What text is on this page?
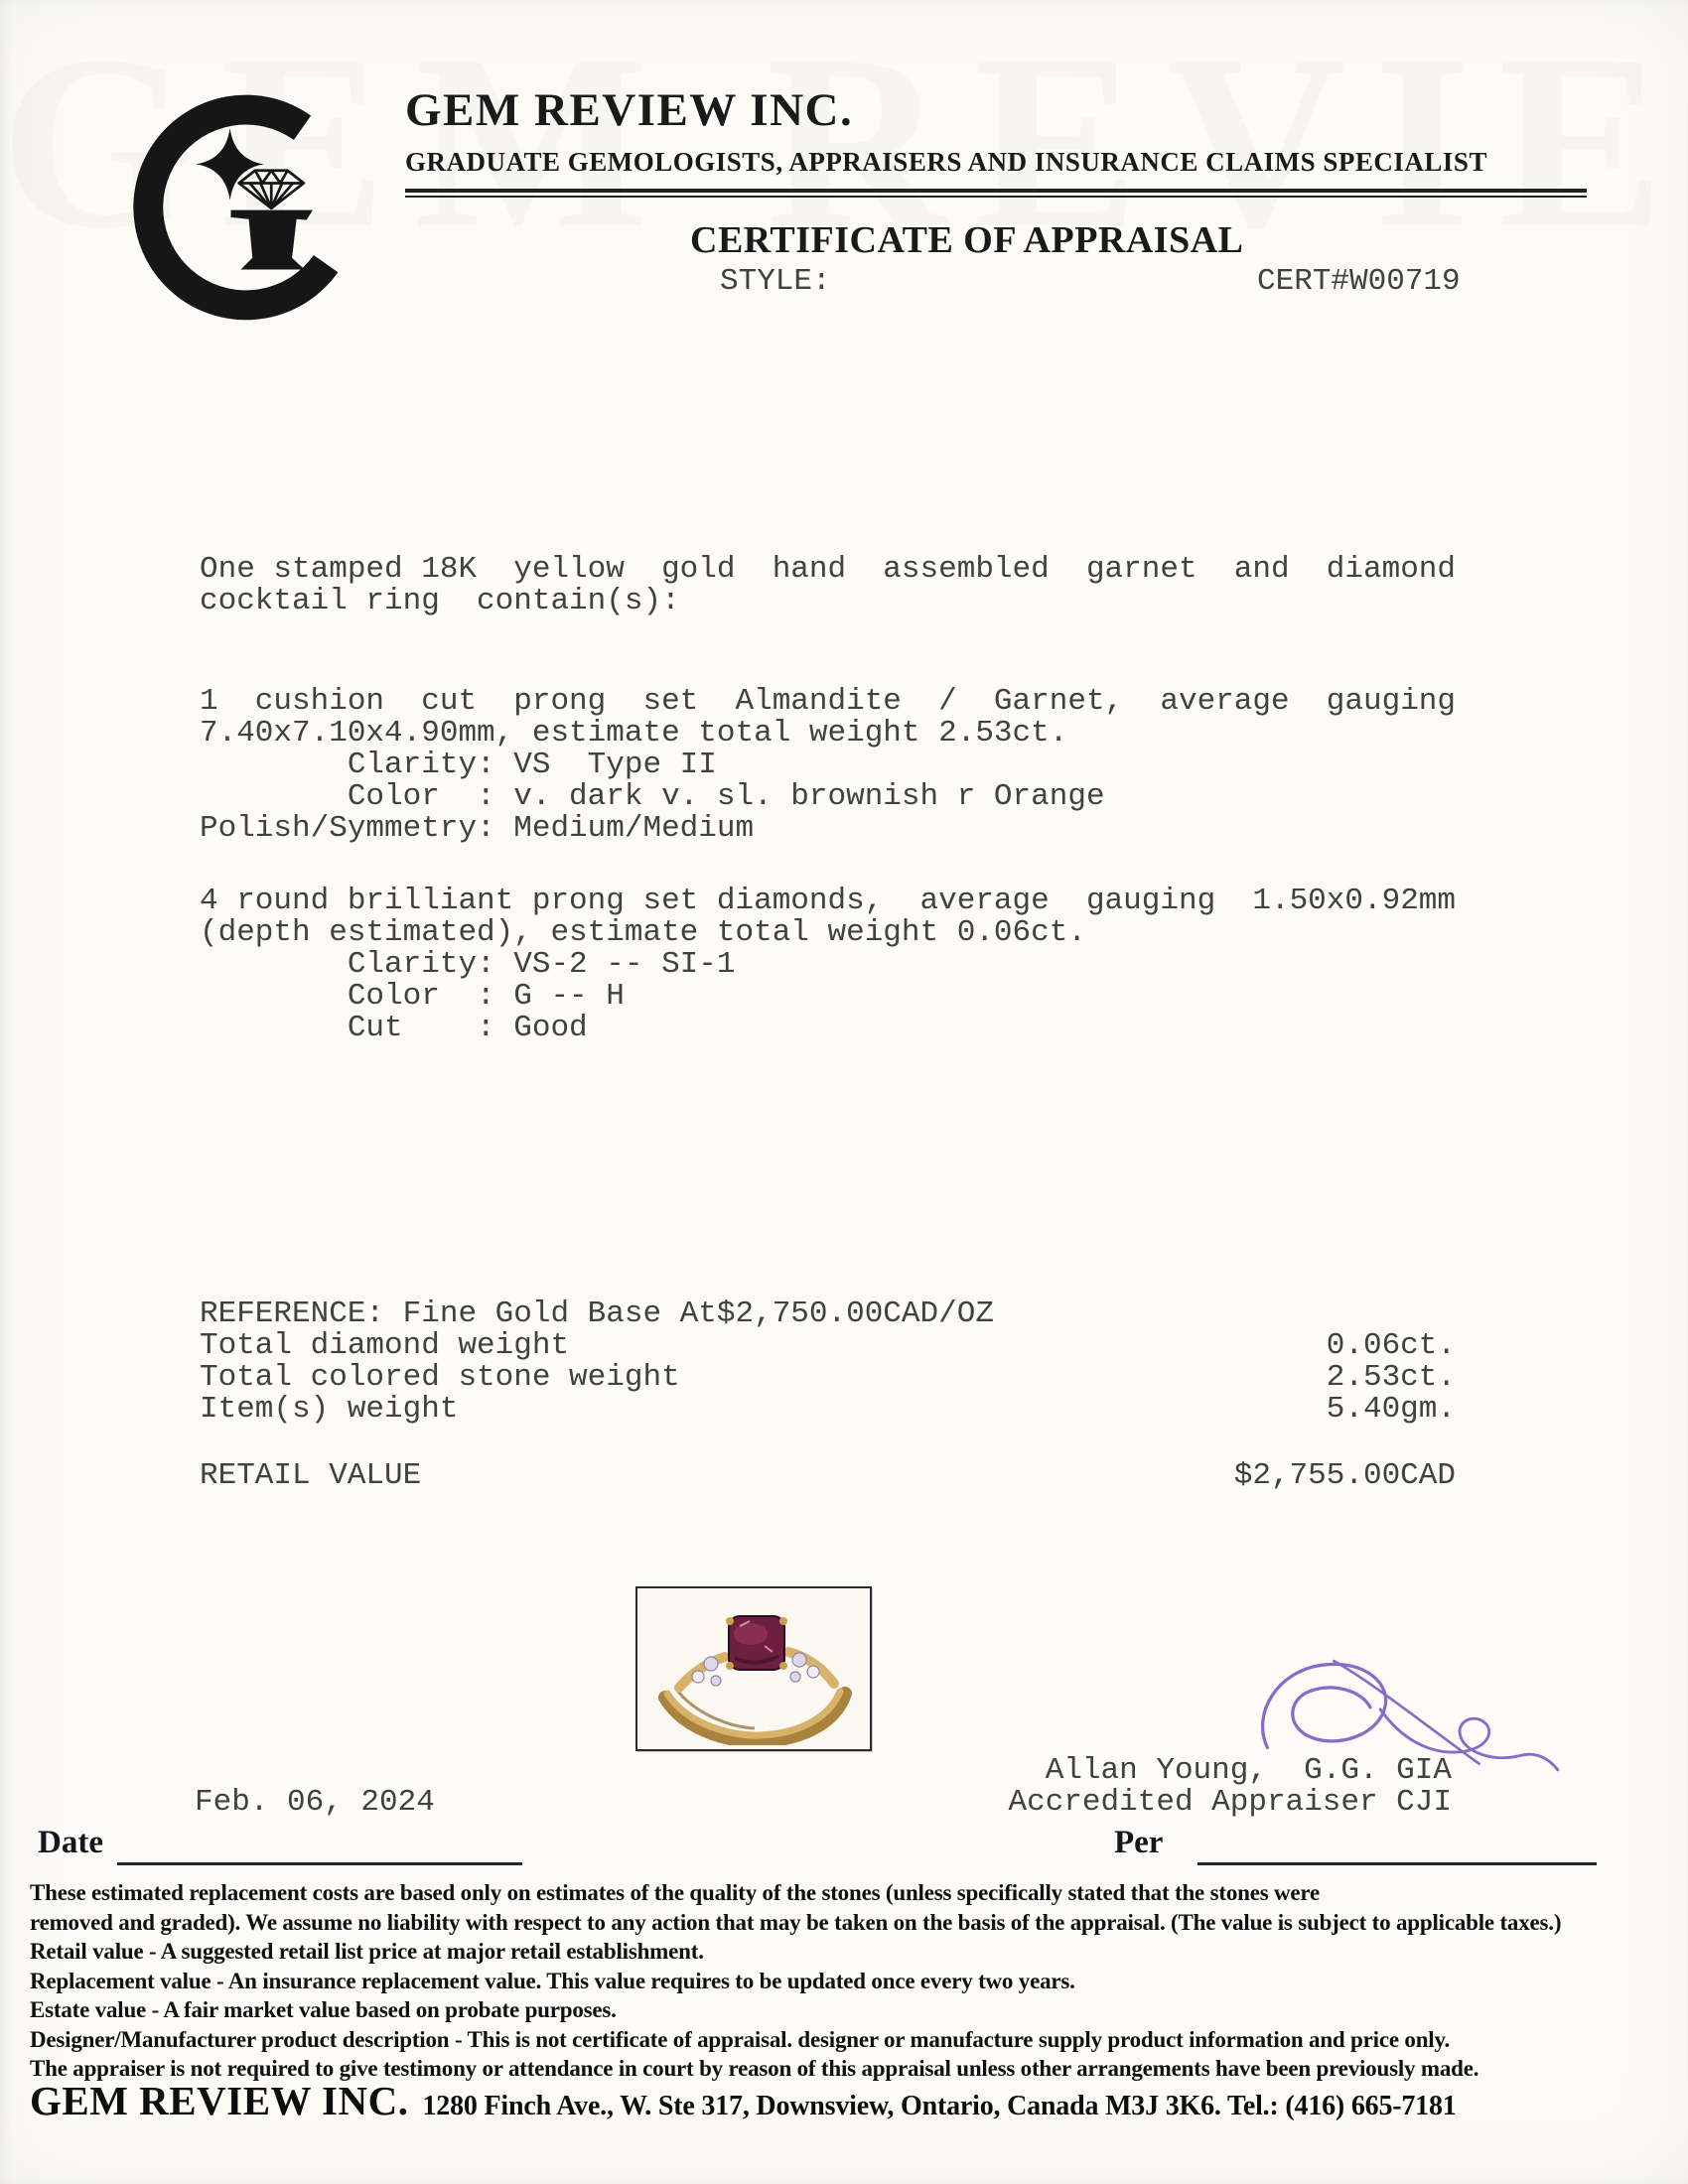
GEM REVIEW INC.
GRADUATE GEMOLOGISTS, APPRAISERS AND INSURANCE CLAIMS SPECIALIST
CERTIFICATE OF APPRAISAL
STYLE:	CERT#W00719
One stamped 18K  yellow  gold  hand  assembled  garnet  and  diamond
cocktail ring  contain(s):
1  cushion  cut  prong  set  Almandite  /  Garnet,  average  gauging
7.40x7.10x4.90mm, estimate total weight 2.53ct.
Clarity: VS  Type II
Color  : v. dark v. sl. brownish r Orange
Polish/Symmetry: Medium/Medium
4 round brilliant prong set diamonds,  average  gauging  1.50x0.92mm
(depth estimated), estimate total weight 0.06ct.
Clarity: VS-2 -- SI-1
Color  : G -- H
Cut    : Good
REFERENCE: Fine Gold Base At$2,750.00CAD/OZ
Total diamond weight	0.06ct.
Total colored stone weight	2.53ct.
Item(s) weight	5.40gm.
RETAIL VALUE	$2,755.00CAD
Allan Young,  G.G. GIA
Accredited Appraiser CJI
Feb. 06, 2024
Date	Per
These estimated replacement costs are based only on estimates of the quality of the stones (unless specifically stated that the stones were
removed and graded). We assume no liability with respect to any action that may be taken on the basis of the appraisal. (The value is subject to applicable taxes.)
Retail value - A suggested retail list price at major retail establishment.
Replacement value - An insurance replacement value. This value requires to be updated once every two years.
Estate value - A fair market value based on probate purposes.
Designer/Manufacturer product description - This is not certificate of appraisal. designer or manufacture supply product information and price only.
The appraiser is not required to give testimony or attendance in court by reason of this appraisal unless other arrangements have been previously made.
GEM REVIEW INC. 1280 Finch Ave., W. Ste 317, Downsview, Ontario, Canada M3J 3K6. Tel.: (416) 665-7181
